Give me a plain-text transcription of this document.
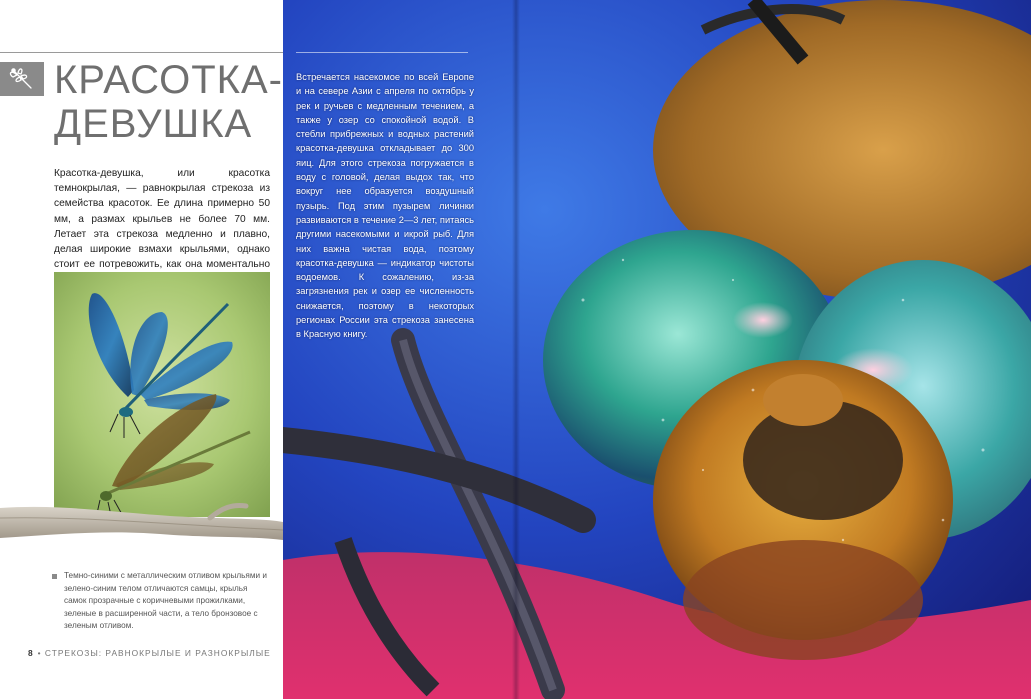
КРАСОТКА-
ДЕВУШКА

Красотка-девушка, или красотка темнокрылая, — равнокрылая стрекоза из семейства красоток. Ее длина примерно 50 мм, а размах крыльев не более 70 мм. Летает эта стрекоза медленно и плавно, делая широкие взмахи крыльями, однако стоит ее потревожить, как она моментально

Темно-синими с металлическим отливом крыльями и зелено-синим телом отличаются самцы, крылья самок прозрачные с коричневыми прожилками, зеленые в расширенной части, а тело бронзовое с зеленым отливом.

8 • СТРЕКОЗЫ: РАВНОКРЫЛЫЕ И РАЗНОКРЫЛЫЕ

Встречается насекомое по всей Европе и на севере Азии с апреля по октябрь у рек и ручьев с медленным течением, а также у озер со спокойной водой. В стебли прибрежных и водных растений красотка-девушка откладывает до 300 яиц. Для этого стрекоза погружается в воду с головой, делая выдох так, что вокруг нее образуется воздушный пузырь. Под этим пузырем личинки развиваются в течение 2—3 лет, питаясь другими насекомыми и икрой рыб. Для них важна чистая вода, поэтому красотка-девушка — индикатор чистоты водоемов. К сожалению, из-за загрязнения рек и озер ее численность снижается, поэтому в некоторых регионах России эта стрекоза занесена в Красную книгу.
